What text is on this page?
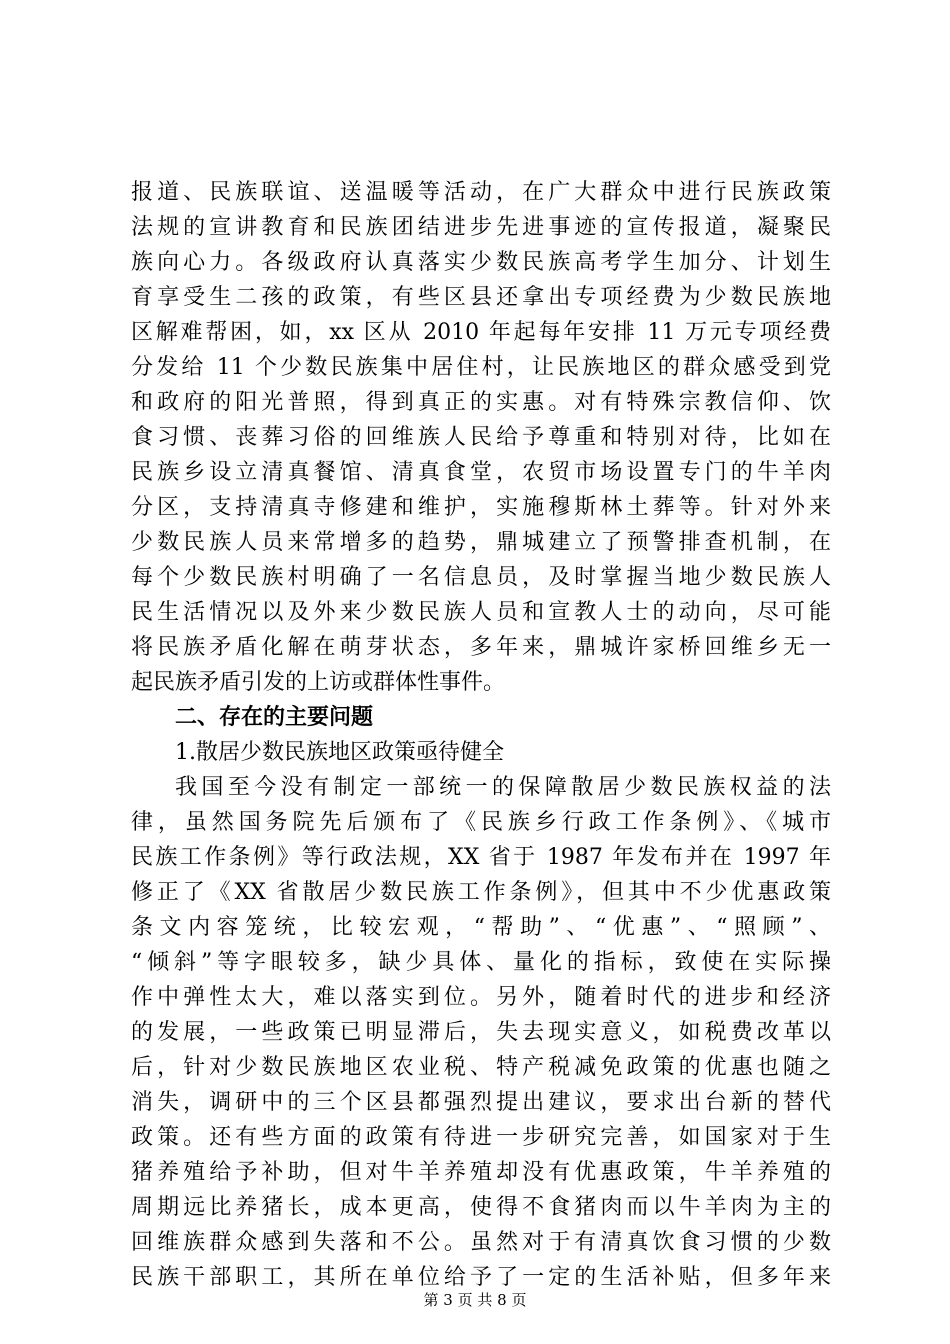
报道、民族联谊、送温暖等活动，在广大群众中进行民族政策
法规的宣讲教育和民族团结进步先进事迹的宣传报道，凝聚民
族向心力。各级政府认真落实少数民族高考学生加分、计划生
育享受生二孩的政策，有些区县还拿出专项经费为少数民族地
区解难帮困，如，xx 区从 2010 年起每年安排 11 万元专项经费
分发给 11 个少数民族集中居住村，让民族地区的群众感受到党
和政府的阳光普照，得到真正的实惠。对有特殊宗教信仰、饮
食习惯、丧葬习俗的回维族人民给予尊重和特别对待，比如在
民族乡设立清真餐馆、清真食堂，农贸市场设置专门的牛羊肉
分区，支持清真寺修建和维护，实施穆斯林土葬等。针对外来
少数民族人员来常增多的趋势，鼎城建立了预警排查机制，在
每个少数民族村明确了一名信息员，及时掌握当地少数民族人
民生活情况以及外来少数民族人员和宣教人士的动向，尽可能
将民族矛盾化解在萌芽状态，多年来，鼎城许家桥回维乡无一
起民族矛盾引发的上访或群体性事件。
二、存在的主要问题
1.散居少数民族地区政策亟待健全
我国至今没有制定一部统一的保障散居少数民族权益的法
律，虽然国务院先后颁布了《民族乡行政工作条例》、《城市
民族工作条例》等行政法规，XX 省于 1987 年发布并在 1997 年
修正了《XX 省散居少数民族工作条例》，但其中不少优惠政策
条文内容笼统，比较宏观，“帮助”、“优惠”、“照顾”、
“倾斜”等字眼较多，缺少具体、量化的指标，致使在实际操
作中弹性太大，难以落实到位。另外，随着时代的进步和经济
的发展，一些政策已明显滞后，失去现实意义，如税费改革以
后，针对少数民族地区农业税、特产税减免政策的优惠也随之
消失，调研中的三个区县都强烈提出建议，要求出台新的替代
政策。还有些方面的政策有待进一步研究完善，如国家对于生
猪养殖给予补助，但对牛羊养殖却没有优惠政策，牛羊养殖的
周期远比养猪长，成本更高，使得不食猪肉而以牛羊肉为主的
回维族群众感到失落和不公。虽然对于有清真饮食习惯的少数
民族干部职工，其所在单位给予了一定的生活补贴，但多年来
第 3 页 共 8 页
